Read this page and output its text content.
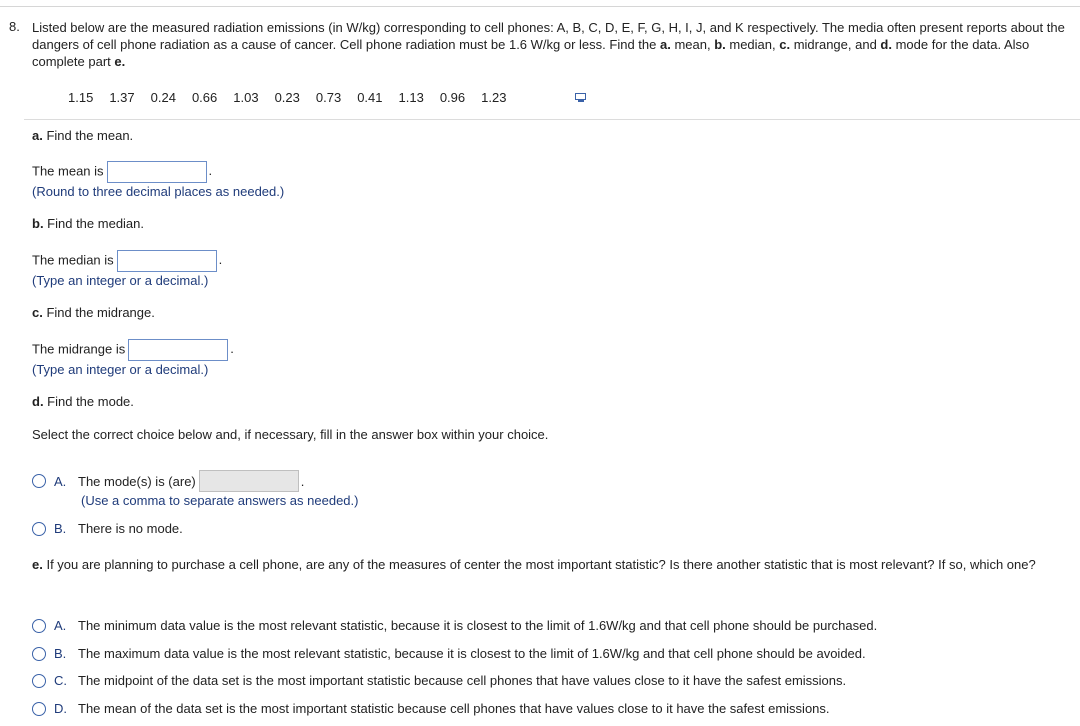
8. Listed below are the measured radiation emissions (in W/kg) corresponding to cell phones: A, B, C, D, E, F, G, H, I, J, and K respectively. The media often present reports about the dangers of cell phone radiation as a cause of cancer. Cell phone radiation must be 1.6 W/kg or less. Find the a. mean, b. median, c. midrange, and d. mode for the data. Also complete part e.
1.15 1.37 0.24 0.66 1.03 0.23 0.73 0.41 1.13 0.96 1.23
a. Find the mean.
The mean is	.
(Round to three decimal places as needed.)
b. Find the median.
The median is	.
(Type an integer or a decimal.)
c. Find the midrange.
The midrange is	.
(Type an integer or a decimal.)
d. Find the mode.
Select the correct choice below and, if necessary, fill in the answer box within your choice.
A. The mode(s) is (are)	.
(Use a comma to separate answers as needed.)
B. There is no mode.
e. If you are planning to purchase a cell phone, are any of the measures of center the most important statistic? Is there another statistic that is most relevant? If so, which one?
A. The minimum data value is the most relevant statistic, because it is closest to the limit of 1.6W/kg and that cell phone should be purchased.
B. The maximum data value is the most relevant statistic, because it is closest to the limit of 1.6W/kg and that cell phone should be avoided.
C. The midpoint of the data set is the most important statistic because cell phones that have values close to it have the safest emissions.
D. The mean of the data set is the most important statistic because cell phones that have values close to it have the safest emissions.
